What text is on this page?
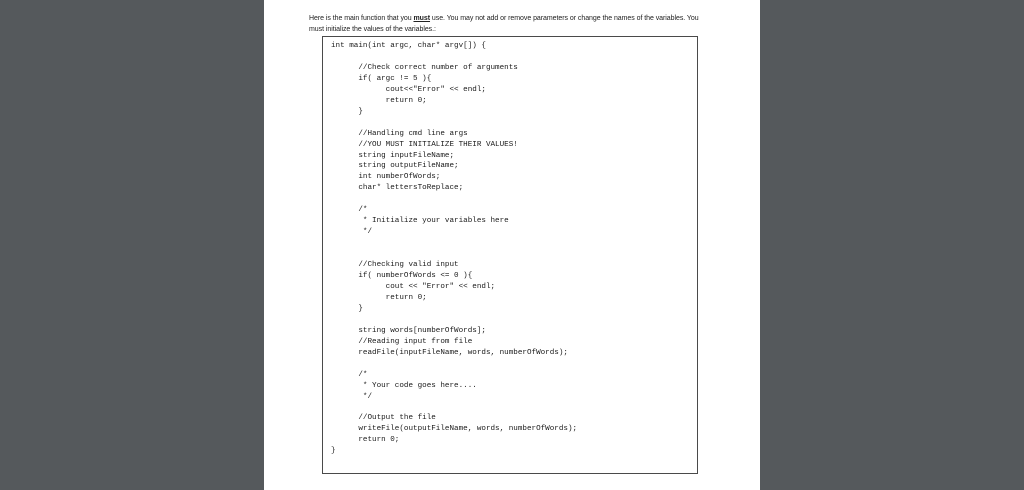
Here is the main function that you must use. You may not add or remove parameters or change the names of the variables. You must initialize the values of the variables.:
int main(int argc, char* argv[]) {

//Check correct number of arguments
if( argc != 5 ){
cout<<"Error" << endl;
return 0;
}

//Handling cmd line args
//YOU MUST INITIALIZE THEIR VALUES!
string inputFileName;
string outputFileName;
int numberOfWords;
char* lettersToReplace;

/*
* Initialize your variables here
*/

//Checking valid input
if( numberOfWords <= 0 ){
cout << "Error" << endl;
return 0;
}

string words[numberOfWords];
//Reading input from file
readFile(inputFileName, words, numberOfWords);

/*
* Your code goes here....
*/

//Output the file
writeFile(outputFileName, words, numberOfWords);
return 0;
}
